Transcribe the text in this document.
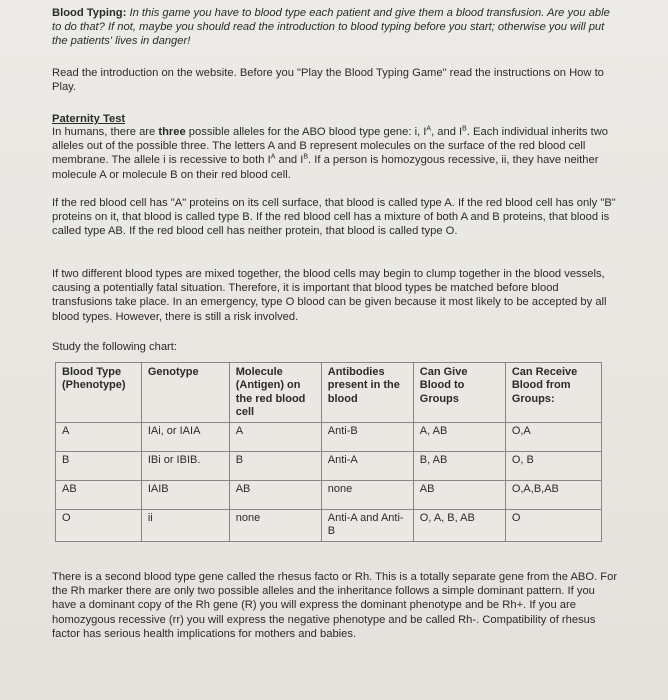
Blood Typing: In this game you have to blood type each patient and give them a blood transfusion. Are you able to do that? If not, maybe you should read the introduction to blood typing before you start; otherwise you will put the patients' lives in danger!
Read the introduction on the website. Before you "Play the Blood Typing Game" read the instructions on How to Play.
Paternity Test
In humans, there are three possible alleles for the ABO blood type gene: i, $I^A$, and $I^B$. Each individual inherits two alleles out of the possible three. The letters A and B represent molecules on the surface of the red blood cell membrane. The allele i is recessive to both $I^A$ and $I^B$. If a person is homozygous recessive, ii, they have neither molecule A or molecule B on their red blood cell.
If the red blood cell has "A" proteins on its cell surface, that blood is called type A. If the red blood cell has only "B" proteins on it, that blood is called type B. If the red blood cell has a mixture of both A and B proteins, that blood is called type AB. If the red blood cell has neither protein, that blood is called type O.
If two different blood types are mixed together, the blood cells may begin to clump together in the blood vessels, causing a potentially fatal situation. Therefore, it is important that blood types be matched before blood transfusions take place. In an emergency, type O blood can be given because it most likely to be accepted by all blood types. However, there is still a risk involved.
Study the following chart:
Blood Type (Phenotype)	Genotype	Molecule (Antigen) on the red blood cell	Antibodies present in the blood	Can Give Blood to Groups	Can Receive Blood from Groups:
A	IAi, or IAIA	A	Anti-B	A, AB	O,A
B	IBi or IBIB.	B	Anti-A	B, AB	O, B
AB	IAIB	AB	none	AB	O,A,B,AB
O	ii	none	Anti-A and Anti-B	O, A, B, AB	O
There is a second blood type gene called the rhesus facto or Rh. This is a totally separate gene from the ABO. For the Rh marker there are only two possible alleles and the inheritance follows a simple dominant pattern. If you have a dominant copy of the Rh gene (R) you will express the dominant phenotype and be Rh+. If you are homozygous recessive (rr) you will express the negative phenotype and be called Rh-. Compatibility of rhesus factor has serious health implications for mothers and babies.
